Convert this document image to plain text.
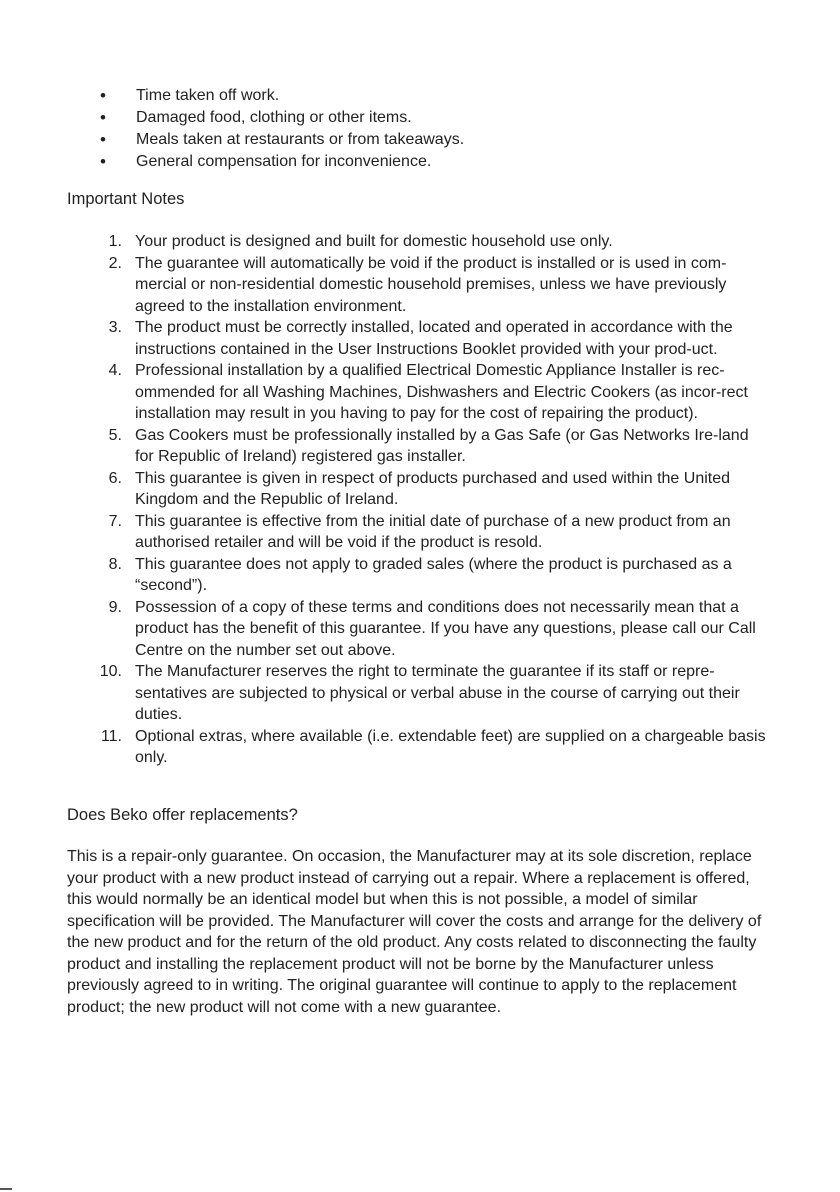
• Time taken off work.
• Damaged food, clothing or other items.
• Meals taken at restaurants or from takeaways.
• General compensation for inconvenience.
Important Notes
1. Your product is designed and built for domestic household use only.
2. The guarantee will automatically be void if the product is installed or is used in com-mercial or non-residential domestic household premises, unless we have previously agreed to the installation environment.
3. The product must be correctly installed, located and operated in accordance with the instructions contained in the User Instructions Booklet provided with your prod-uct.
4. Professional installation by a qualified Electrical Domestic Appliance Installer is rec-ommended for all Washing Machines, Dishwashers and Electric Cookers (as incor-rect installation may result in you having to pay for the cost of repairing the product).
5. Gas Cookers must be professionally installed by a Gas Safe (or Gas Networks Ire-land for Republic of Ireland) registered gas installer.
6. This guarantee is given in respect of products purchased and used within the United Kingdom and the Republic of Ireland.
7. This guarantee is effective from the initial date of purchase of a new product from an authorised retailer and will be void if the product is resold.
8. This guarantee does not apply to graded sales (where the product is purchased as a “second”).
9. Possession of a copy of these terms and conditions does not necessarily mean that a product has the benefit of this guarantee. If you have any questions, please call our Call Centre on the number set out above.
10. The Manufacturer reserves the right to terminate the guarantee if its staff or repre-sentatives are subjected to physical or verbal abuse in the course of carrying out their duties.
11. Optional extras, where available (i.e. extendable feet) are supplied on a chargeable basis only.
Does Beko offer replacements?

This is a repair-only guarantee. On occasion, the Manufacturer may at its sole discretion, replace your product with a new product instead of carrying out a repair. Where a replacement is offered, this would normally be an identical model but when this is not possible, a model of similar specification will be provided. The Manufacturer will cover the costs and arrange for the delivery of the new product and for the return of the old product. Any costs related to disconnecting the faulty product and installing the replacement product will not be borne by the Manufacturer unless previously agreed to in writing. The original guarantee will continue to apply to the replacement product; the new product will not come with a new guarantee.
